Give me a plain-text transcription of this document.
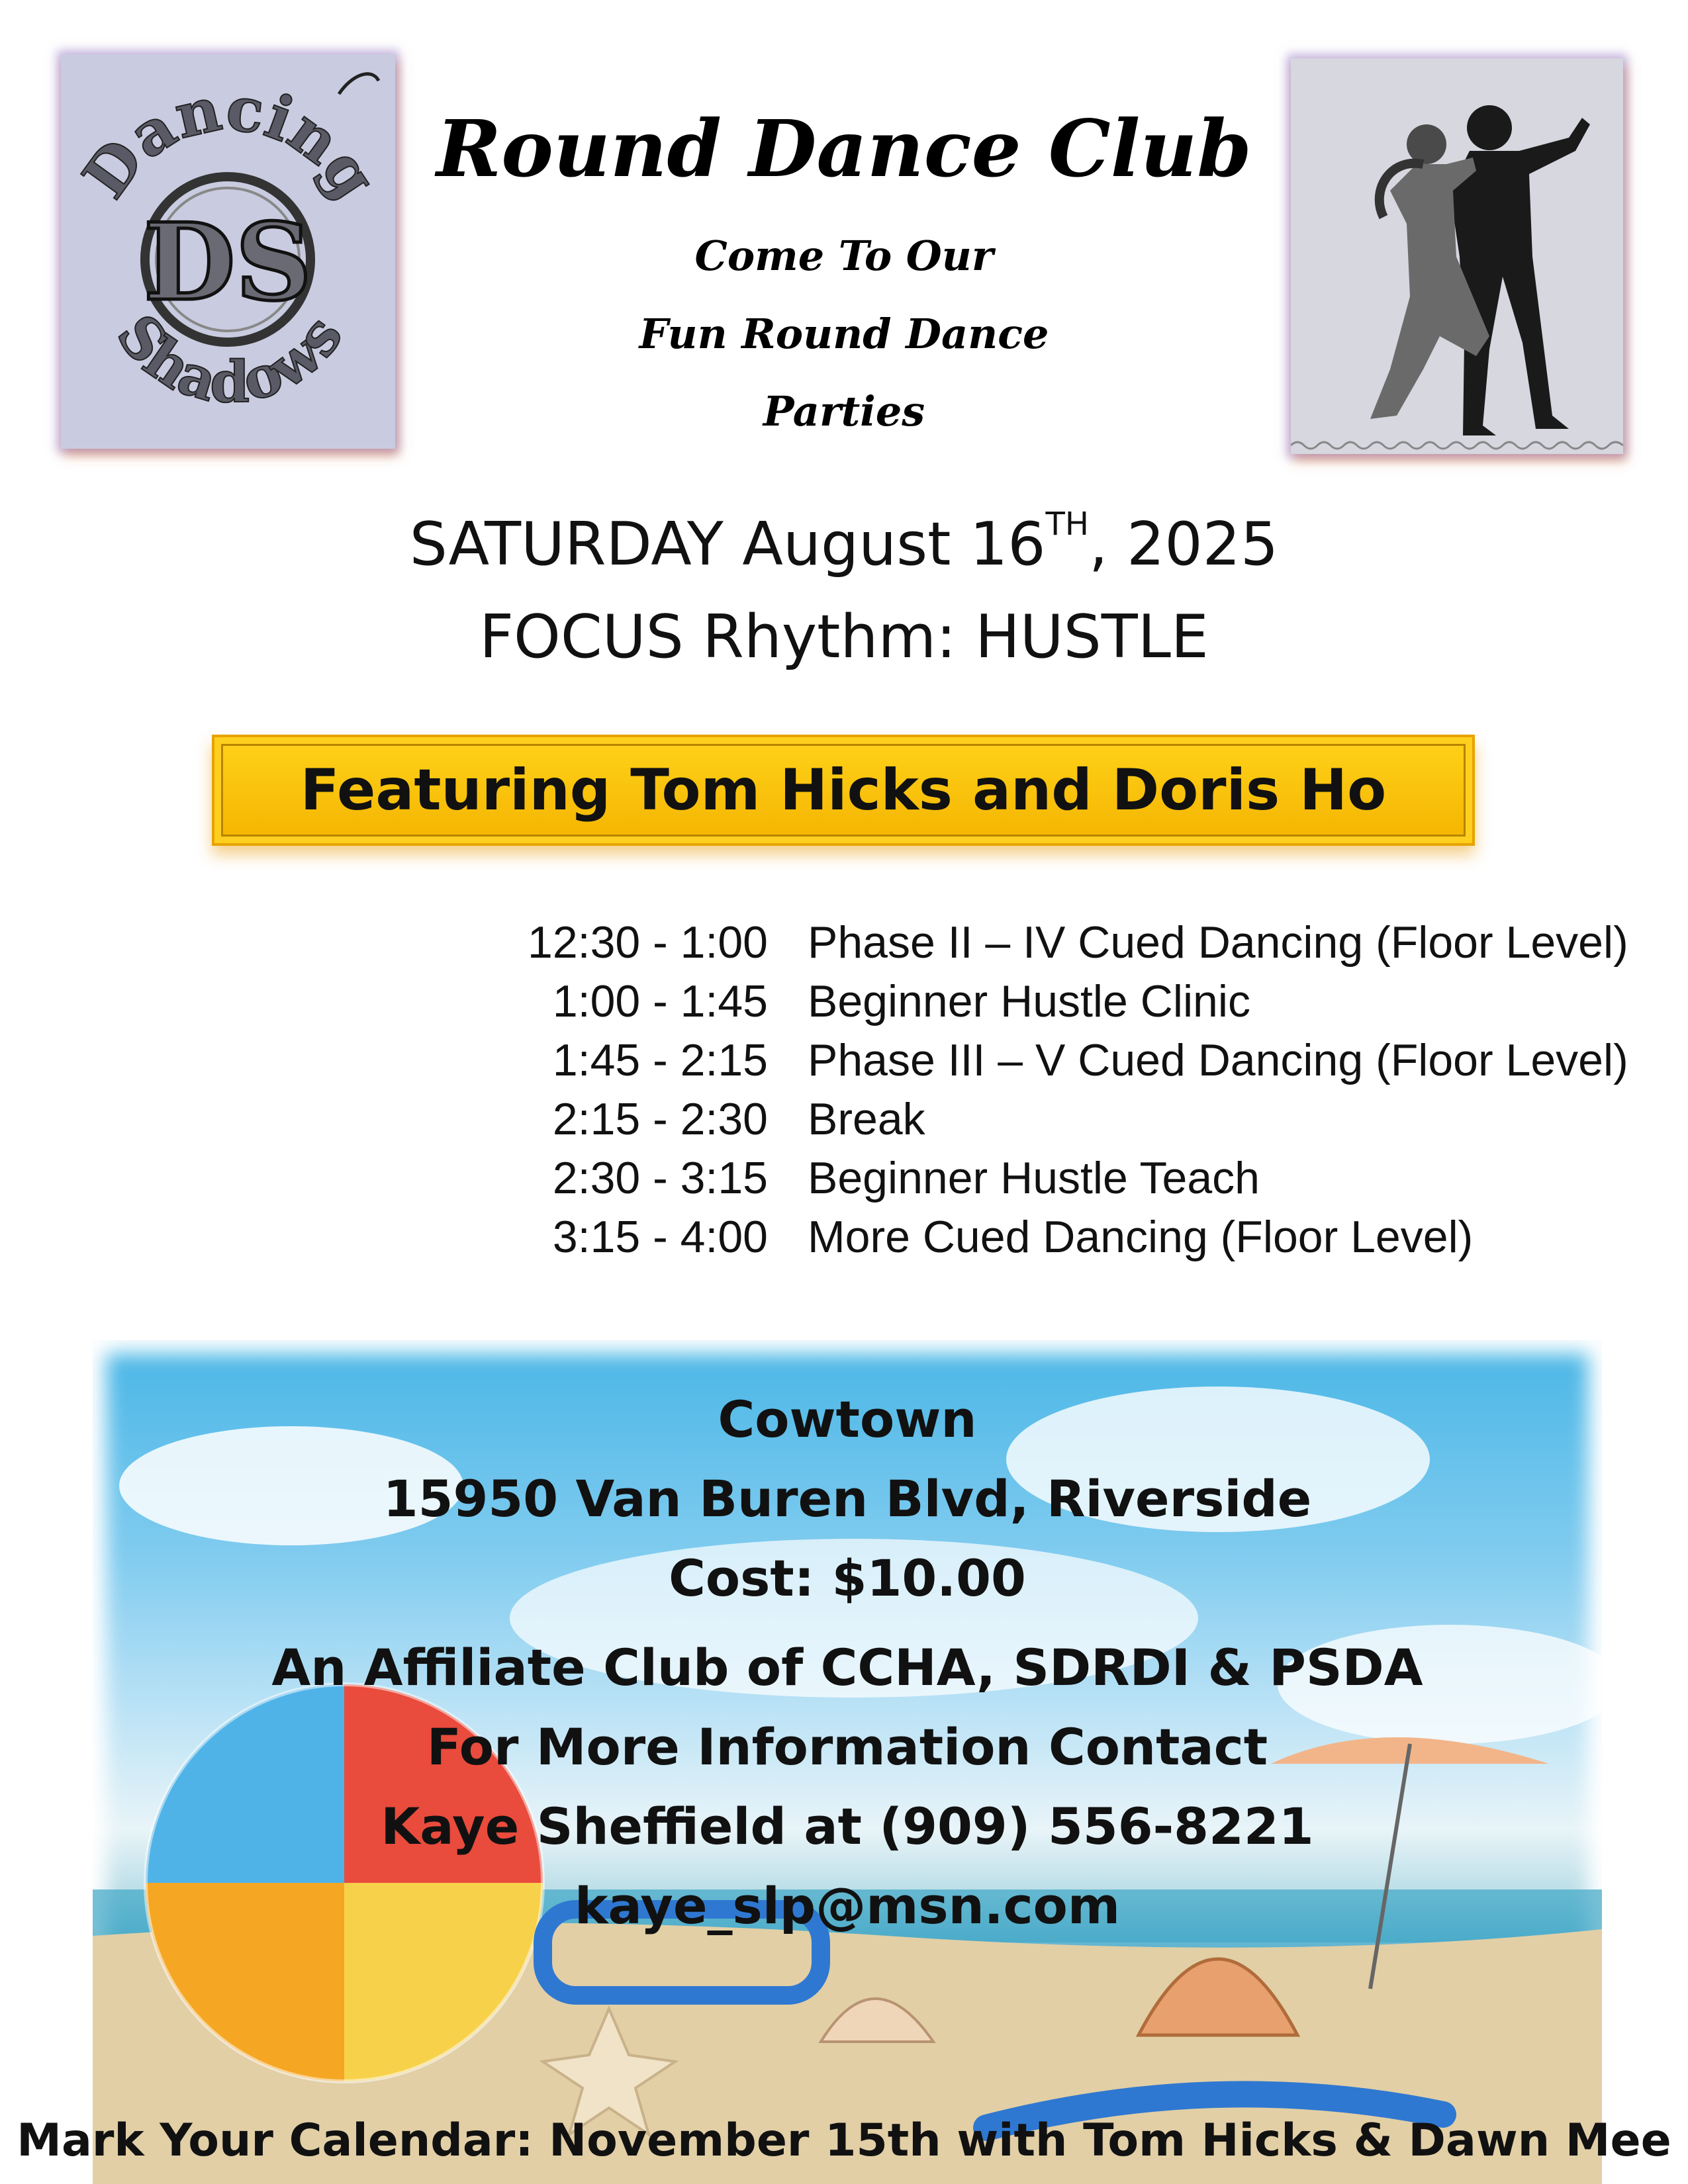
Dancing
Shadows
DS
Round Dance Club
Come To Our
Fun Round Dance
Parties
SATURDAY August 16TH, 2025
FOCUS Rhythm: HUSTLE
Featuring Tom Hicks and Doris Ho
12:30 - 1:00 Phase II – IV Cued Dancing (Floor Level)
1:00 - 1:45 Beginner Hustle Clinic
1:45 - 2:15 Phase III – V Cued Dancing (Floor Level)
2:15 - 2:30 Break
2:30 - 3:15 Beginner Hustle Teach
3:15 - 4:00 More Cued Dancing (Floor Level)
Cowtown
15950 Van Buren Blvd, Riverside
Cost: $10.00
An Affiliate Club of CCHA, SDRDI & PSDA
For More Information Contact
Kaye Sheffield at (909) 556-8221
kaye_slp@msn.com
Mark Your Calendar: November 15th with Tom Hicks & Dawn Mee
